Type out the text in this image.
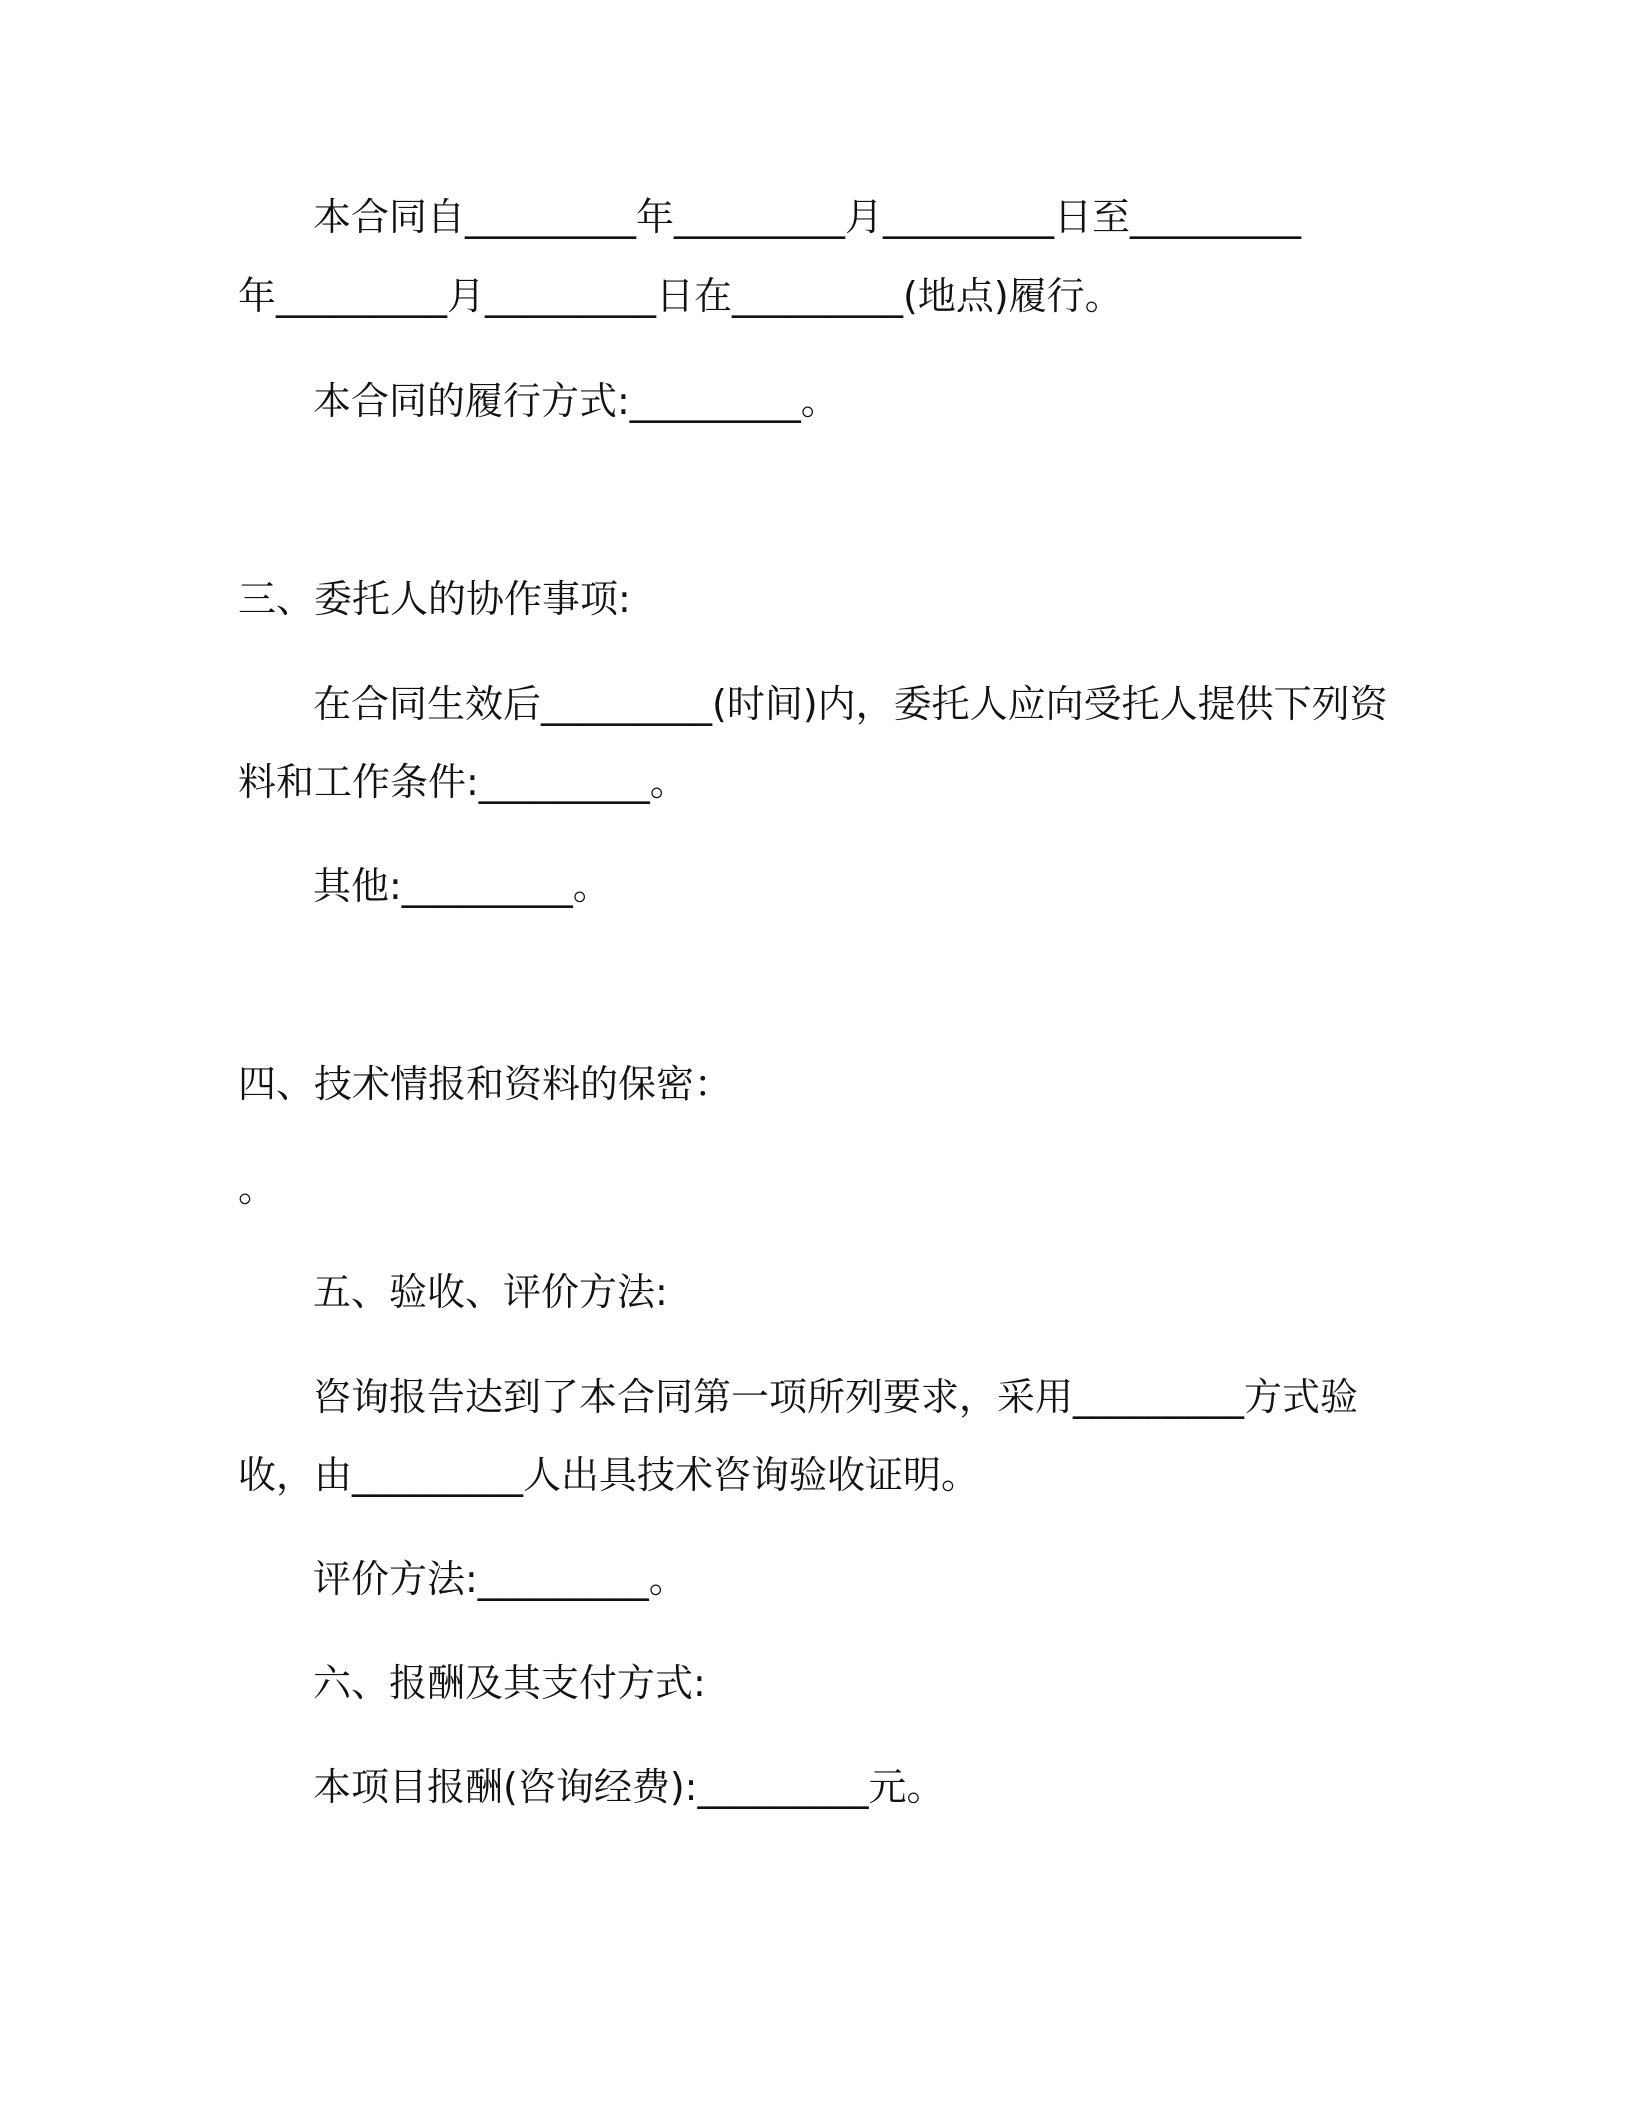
本合同自_________年_________月_________日至_________
年_________月_________日在_________(地点)履行。
本合同的履行方式:_________。
三、委托人的协作事项:
在合同生效后_________(时间)内，委托人应向受托人提供下列资
料和工作条件:_________。
其他:_________。
四、技术情报和资料的保密：
。
五、验收、评价方法:
咨询报告达到了本合同第一项所列要求，采用_________方式验
收，由_________人出具技术咨询验收证明。
评价方法:_________。
六、报酬及其支付方式:
本项目报酬(咨询经费):_________元。
